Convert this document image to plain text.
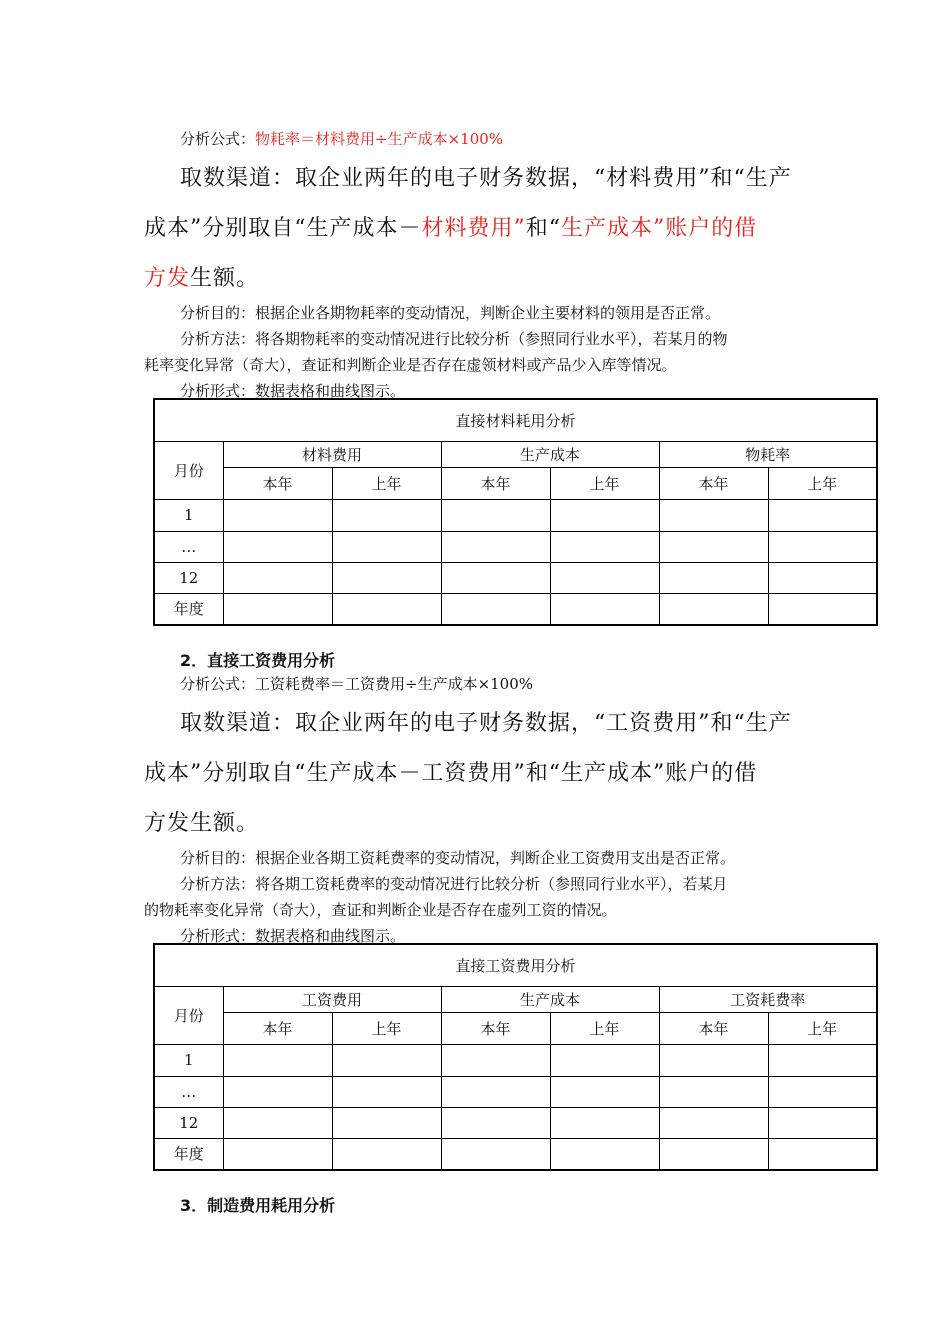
分析公式：物耗率＝材料费用÷生产成本×100%
取数渠道：取企业两年的电子财务数据，“材料费用”和“生产
成本”分别取自“生产成本－材料费用”和“生产成本”账户的借
方发生额。
分析目的：根据企业各期物耗率的变动情况，判断企业主要材料的领用是否正常。
分析方法：将各期物耗率的变动情况进行比较分析（参照同行业水平），若某月的物
耗率变化异常（奇大），查证和判断企业是否存在虚领材料或产品少入库等情况。
分析形式：数据表格和曲线图示。
直接材料耗用分析						
月份	材料费用		生产成本		物耗率	
	本年	上年	本年	上年	本年	上年
1						
…						
12						
年度						
2．直接工资费用分析
分析公式：工资耗费率＝工资费用÷生产成本×100%
取数渠道：取企业两年的电子财务数据，“工资费用”和“生产
成本”分别取自“生产成本－工资费用”和“生产成本”账户的借
方发生额。
分析目的：根据企业各期工资耗费率的变动情况，判断企业工资费用支出是否正常。
分析方法：将各期工资耗费率的变动情况进行比较分析（参照同行业水平），若某月
的物耗率变化异常（奇大），查证和判断企业是否存在虚列工资的情况。
分析形式：数据表格和曲线图示。
直接工资费用分析						
月份	工资费用		生产成本		工资耗费率	
	本年	上年	本年	上年	本年	上年
1						
…						
12						
年度						
3．制造费用耗用分析
